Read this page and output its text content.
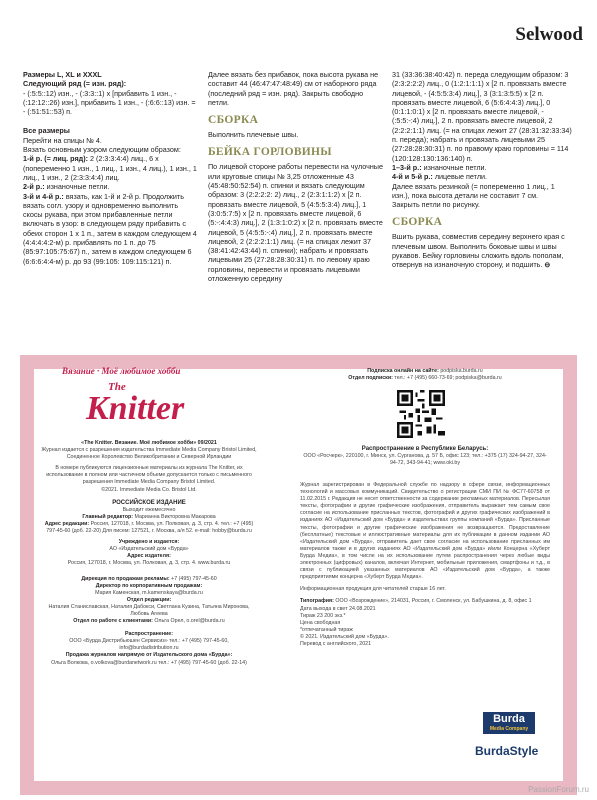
Selwood

Размеры L, XL и XXXL

Следующий ряд (= изн. ряд):

- (:5:5::12) изн., - (:3:3::1) х [прибавить 1 изн., - (:12:12::26) изн.], прибавить 1 изн., - (:6:6::13) изн. = - (:51:51::53) п.

Все размеры

Перейти на спицы № 4.

Вязать основным узором следующим образом:

1-й р. (= лиц. ряд): 2 (2:3:3:4:4) лиц., 6 х (попеременно 1 изн., 1 лиц., 1 изн., 4 лиц.), 1 изн., 1 лиц., 1 изн., 2 (2:3:3:4:4) лиц.

2-й р.: изнаночные петли.

3-й и 4-й р.: вязать, как 1-й и 2-й р. Продолжить вязать согл. узору и одновременно выполнить скосы рукава, при этом прибавленные петли включать в узор: в следующем ряду прибавить с обеих сторон 1 х 1 п., затем в каждом следующем 4 (4:4:4:4:2-м) р. прибавлять по 1 п. до 75 (85:97:105:75:67) п., затем в каждом следующем 6 (6:6:6:4:4-м) р. до 93 (99:105: 109:115:121) п.

Далее вязать без прибавок, пока высота рукава не составит 44 (46:47:47:48:49) см от наборного ряда (последний ряд = изн. ряд). Закрыть свободно петли.

СБОРКА

Выполнить плечевые швы.

БЕЙКА ГОРЛОВИНЫ

По лицевой стороне работы перевести на чулочные или круговые спицы № 3,25 отложенные 43 (45:48:50:52:54) п. спинки и вязать следующим образом: 3 (2:2:2:2: 2) лиц., 2 (2:3:1:1:2) х [2 п. провязать вместе лицевой, 5 (4:5:5:3:4) лиц.], 1 (3:0:5:7:5) х [2 п. провязать вместе лицевой, 6 (5:-:4:4:3) лиц.], 2 (1:3:1:0:2) х [2 п. провязать вместе лицевой, 5 (4:5:5:-:4) лиц.], 2 п. провязать вместе лицевой, 2 (2:2:2:1:1) лиц. (= на спицах лежит 37 (38:41:42:43:44) п. спинки); набрать и провязать лицевыми 25 (27:28:28:30:31) п. по левому краю горловины, перевести и провязать лицевыми отложенную середину

31 (33:36:38:40:42) п. переда следующим образом: 3 (2:3:2:2:2) лиц., 0 (1:2:1:1:1) х [2 п. провязать вместе лицевой, - (4:5:5:3:4) лиц.], 3 (3:1:3:5:5) х [2 п. провязать вместе лицевой, 6 (5:6:4:4:3) лиц.], 0 (0:1:1:0:1) х [2 п. провязать вместе лицевой, - (:5:5:-:4) лиц.], 2 п. провязать вместе лицевой, 2 (2:2:2:1:1) лиц. (= на спицах лежит 27 (28:31:32:33:34) п. переда); набрать и провязать лицевыми 25 (27:28:28:30:31) п. по правому краю горловины = 114 (120:128:130:136:140) п.

1–3-й р.: изнаночные петли.

4-й и 5-й р.: лицевые петли.

Далее вязать резинкой (= попеременно 1 лиц., 1 изн.), пока высота детали не составит 7 см.

Закрыть петли по рисунку.

СБОРКА

Вшить рукава, совместив середину верхнего края с плечевым швом. Выполнить боковые швы и швы рукавов. Бейку горловины сложить вдоль пополам, отвернув на изнаночную сторону, и подшить. ⊖

Вязание · Моё любимое хобби
The
Knitter

«The Knitter. Вязание. Моё любимое хобби» 09/2021

Журнал издается с разрешения издательства Immediate Media Company Bristol Limited, Соединенное Королевство Великобритании и Северной Ирландии

В номере публикуются лицензионные материалы из журнала The Knitter, их использование в полном или частичном объеме допускается только с письменного разрешения Immediate Media Company Bristol Limited.

©2021. Immediate Media Co. Bristol Ltd.

РОССИЙСКОЕ ИЗДАНИЕ

Выходит ежемесячно

Главный редактор: Марианна Викторовна Макарова

Адрес редакции: Россия, 127018, г. Москва, ул. Полковая, д. 3, стр. 4. тел.: +7 (495) 797-45-60 (доб. 22-20) Для писем: 127521, г. Москва, а/я 52. e-mail: hobby@burda.ru

Учреждено и издается:

АО «Издательский дом «Бурда»

Адрес издателя:

Россия, 127018, г. Москва, ул. Полковая, д. 3, стр. 4. www.burda.ru

Дирекция по продажам рекламы: +7 (495) 797-45-60

Директор по корпоративным продажам:

Мария Каменская, m.kamenskaya@burda.ru

Отдел редакции:

Наталия Станиславская, Наталия Дабокси, Светлана Кузина, Татьяна Миронова, Любовь Агеева

Отдел по работе с клиентами: Ольга Орел, o.orel@burda.ru

Распространение:

ООО «Бурда Дистрибьюшен Сервисиз» тел.: +7 (495) 797-45-60, info@burdadistribution.ru

Продажа журналов напрямую от Издательского дома «Бурда»:

Ольга Волкова, o.volkova@burdanetwork.ru тел.: +7 (495) 797-45-60 (доб. 22-14)

Подписка онлайн на сайте: podpiska.burda.ru

Отдел подписки: тел.: +7 (495) 660-73-69; podpiska@burda.ru

Распространение в Республике Беларусь:

ООО «Росчерк», 220100, г. Минск, ул. Сурганова, д. 57 Б, офис 123; тел.: +375 (17) 324-94-27, 324-94-72, 343-94-41; www.oki.by

Журнал зарегистрирован в Федеральной службе по надзору в сфере связи, информационных технологий и массовых коммуникаций. Свидетельство о регистрации СМИ ПИ № ФС77-60758 от 11.02.2015 г. Редакция не несет ответственности за содержание рекламных материалов. Пересылая тексты, фотографии и другие графические изображения, отправитель выражает тем самым свое согласие на использование присланных текстов, фотографий и других графических изображений в изданиях АО «Издательский дом «Бурда» и издательствах группы компаний «Бурда». Присланные тексты, фотографии и другие графические изображения не возвращаются. Предоставление (бесплатные) текстовые и иллюстративные материалы для их публикации в данном издании АО «Издательский дом «Бурда», отправитель дает свое согласие на использование присланных им материалов также и в других изданиях АО «Издательский дом «Бурда» и/или Концерна «Хуберт Бурда Медиа», в том числе на их использование путем распространения через любые виды электронных (цифровых) каналов, включая Интернет, мобильные приложения, смартфоны и т.д., в связи с публикацией указанных материалов АО «Издательский дом «Бурда», а также предприятиями концерна «Хуберт Бурда Медиа».

Информационная продукция для читателей старше 16 лет.

Типография: ООО «Возрождение», 214031, Россия, г. Смоленск, ул. Бабушкина, д. 8, офис 1

Дата выхода в свет 24.08.2021

Тираж 23 200 экз.*

Цена свободная

*отпечатанный тираж

© 2021. Издательский дом «Бурда».

Перевод с английского, 2021

Burda
Media Company
BurdaStyle
PassionForum.ru
